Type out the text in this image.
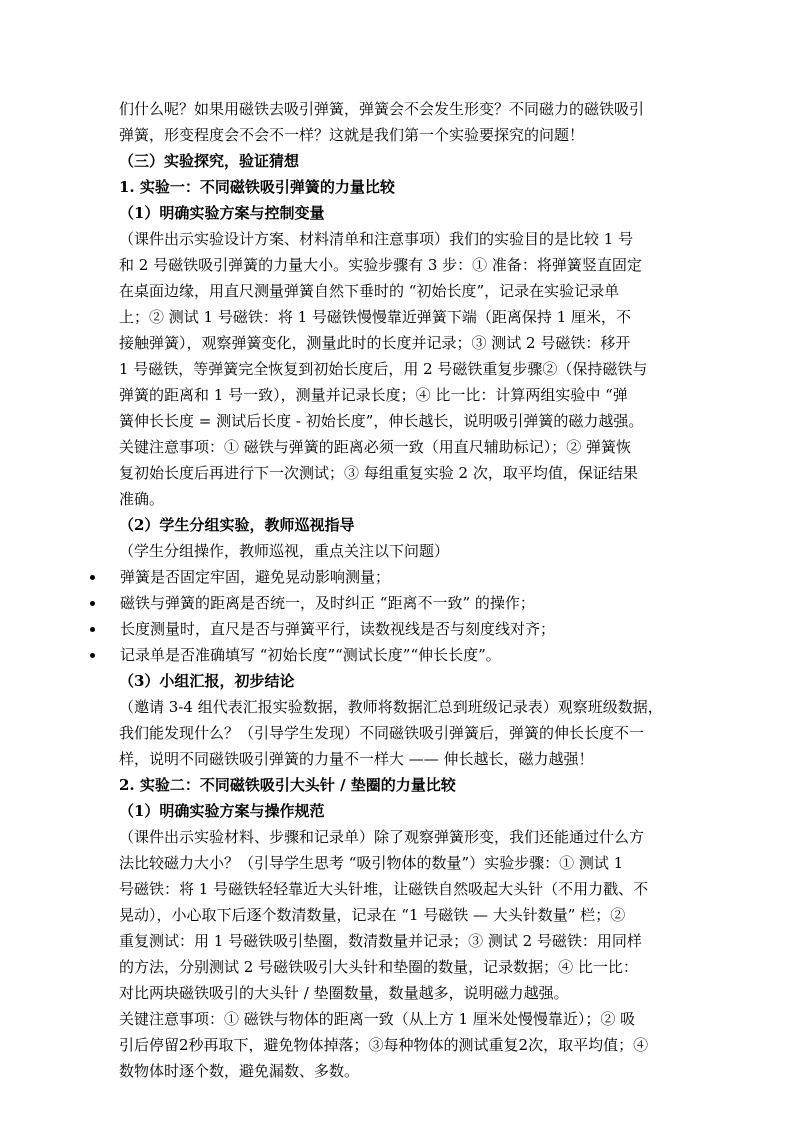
们什么呢？如果用磁铁去吸引弹簧，弹簧会不会发生形变？不同磁力的磁铁吸引
弹簧，形变程度会不会不一样？这就是我们第一个实验要探究的问题！
（三）实验探究，验证猜想
1. 实验一：不同磁铁吸引弹簧的力量比较
（1）明确实验方案与控制变量
（课件出示实验设计方案、材料清单和注意事项）我们的实验目的是比较 1 号
和 2 号磁铁吸引弹簧的力量大小。实验步骤有 3 步：① 准备：将弹簧竖直固定
在桌面边缘，用直尺测量弹簧自然下垂时的 “初始长度”，记录在实验记录单
上；② 测试 1 号磁铁：将 1 号磁铁慢慢靠近弹簧下端（距离保持 1 厘米，不
接触弹簧），观察弹簧变化，测量此时的长度并记录；③ 测试 2 号磁铁：移开
1 号磁铁，等弹簧完全恢复到初始长度后，用 2 号磁铁重复步骤②（保持磁铁与
弹簧的距离和 1 号一致），测量并记录长度；④ 比一比：计算两组实验中 “弹
簧伸长长度 = 测试后长度 - 初始长度”，伸长越长，说明吸引弹簧的磁力越强。
关键注意事项：① 磁铁与弹簧的距离必须一致（用直尺辅助标记）；② 弹簧恢
复初始长度后再进行下一次测试；③ 每组重复实验 2 次，取平均值，保证结果
准确。
（2）学生分组实验，教师巡视指导
（学生分组操作，教师巡视，重点关注以下问题）
弹簧是否固定牢固，避免晃动影响测量；
磁铁与弹簧的距离是否统一，及时纠正 “距离不一致” 的操作；
长度测量时，直尺是否与弹簧平行，读数视线是否与刻度线对齐；
记录单是否准确填写 “初始长度”“测试长度”“伸长长度”。
（3）小组汇报，初步结论
（邀请 3-4 组代表汇报实验数据，教师将数据汇总到班级记录表）观察班级数据，
我们能发现什么？（引导学生发现）不同磁铁吸引弹簧后，弹簧的伸长长度不一
样，说明不同磁铁吸引弹簧的力量不一样大 —— 伸长越长，磁力越强！
2. 实验二：不同磁铁吸引大头针 / 垫圈的力量比较
（1）明确实验方案与操作规范
（课件出示实验材料、步骤和记录单）除了观察弹簧形变，我们还能通过什么方
法比较磁力大小？（引导学生思考 “吸引物体的数量”）实验步骤：① 测试 1
号磁铁：将 1 号磁铁轻轻靠近大头针堆，让磁铁自然吸起大头针（不用力戳、不
晃动），小心取下后逐个数清数量，记录在 “1 号磁铁 — 大头针数量” 栏；②
重复测试：用 1 号磁铁吸引垫圈，数清数量并记录；③ 测试 2 号磁铁：用同样
的方法，分别测试 2 号磁铁吸引大头针和垫圈的数量，记录数据；④ 比一比：
对比两块磁铁吸引的大头针 / 垫圈数量，数量越多，说明磁力越强。
关键注意事项：① 磁铁与物体的距离一致（从上方 1 厘米处慢慢靠近）；② 吸
引后停留2秒再取下，避免物体掉落；③每种物体的测试重复2次，取平均值；④
数物体时逐个数，避免漏数、多数。
